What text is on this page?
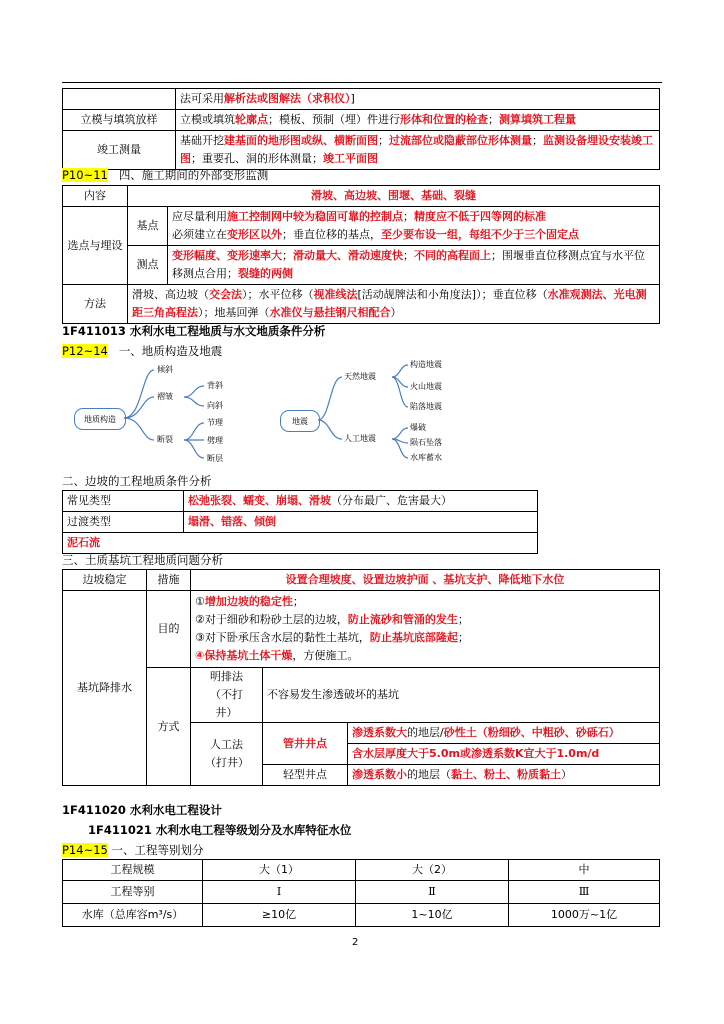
	法可采用解析法或图解法（求积仪）]
立模与填筑放样	立模或填筑轮廓点；模板、预制（埋）件进行形体和位置的检查；测算填筑工程量
竣工测量	基础开挖建基面的地形图或纵、横断面图；过流部位或隐蔽部位形体测量；监测设备埋设安装竣工图；重要孔、洞的形体测量；竣工平面图
P10~11 四、施工期间的外部变形监测
内容	滑坡、高边坡、围堰、基础、裂缝	
选点与埋设	基点	应尽量利用施工控制网中较为稳固可靠的控制点；精度应不低于四等网的标准
必须建立在变形区以外；垂直位移的基点，至少要布设一组，每组不少于三个固定点
	测点	变形幅度、变形速率大；滑动量大、滑动速度快；不同的高程面上；围堰垂直位移测点宜与水平位移测点合用；裂缝的两侧
方法	滑坡、高边坡（交会法）；水平位移（视准线法[活动觇牌法和小角度法]）；垂直位移（水准观测法、光电测距三角高程法）；地基回弹（水准仪与悬挂钢尺相配合）	
1F411013 水利水电工程地质与水文地质条件分析
P12~14 一、地质构造及地震
地质构造
倾斜
褶皱
背斜
向斜
断裂
节理
劈理
断层
地震
天然地震
构造地震
火山地震
陷落地震
人工地震
爆破
陨石坠落
水库蓄水
二、边坡的工程地质条件分析
常见类型	松弛张裂、蠕变、崩塌、滑坡（分布最广、危害最大）
过渡类型	塌滑、错落、倾倒
泥石流	
三、土质基坑工程地质问题分析
边坡稳定	措施	设置合理坡度、设置边坡护面 、基坑支护、降低地下水位		
基坑降排水	目的	①增加边坡的稳定性；
②对于细砂和粉砂土层的边坡，防止流砂和管涌的发生；
③对下卧承压含水层的黏性土基坑，防止基坑底部隆起；
④保持基坑土体干燥，方便施工。		

	方式	明排法（不打井）	不容易发生渗透破坏的基坑	
		人工法（打井）	管井井点	渗透系数大的地层/砂性土（粉细砂、中粗砂、砂砾石）
				含水层厚度大于5.0m或渗透系数K宜大于1.0m/d
			轻型井点	渗透系数小的地层（黏土、粉土、粉质黏土）
1F411020 水利水电工程设计
1F411021 水利水电工程等级划分及水库特征水位
P14~15 一、工程等别划分
工程规模	大（1）	大（2）	中
工程等别	Ⅰ	Ⅱ	Ⅲ
水库（总库容m³/s）	≥10亿	1~10亿	1000万~1亿
2
